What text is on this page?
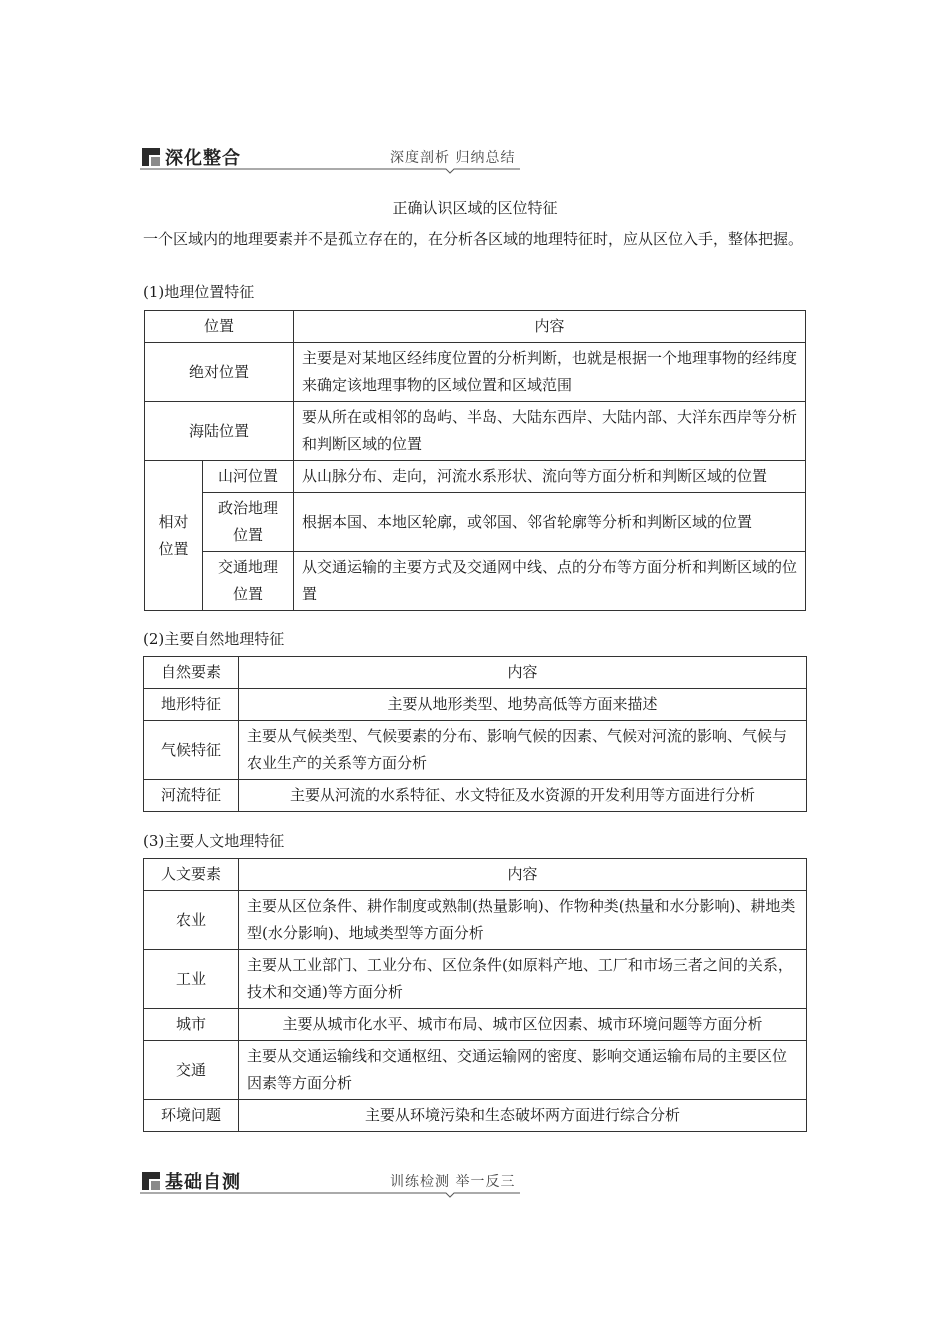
深化整合	深度剖析 归纳总结
正确认识区域的区位特征
一个区域内的地理要素并不是孤立存在的，在分析各区域的地理特征时，应从区位入手，整体把握。
(1)地理位置特征
位置		内容
绝对位置		主要是对某地区经纬度位置的分析判断，也就是根据一个地理事物的经纬度来确定该地理事物的区域位置和区域范围
海陆位置		要从所在或相邻的岛屿、半岛、大陆东西岸、大陆内部、大洋东西岸等分析和判断区域的位置
相对位置	山河位置	从山脉分布、走向，河流水系形状、流向等方面分析和判断区域的位置
	政治地理位置	根据本国、本地区轮廓，或邻国、邻省轮廓等分析和判断区域的位置
	交通地理位置	从交通运输的主要方式及交通网中线、点的分布等方面分析和判断区域的位置
(2)主要自然地理特征
自然要素	内容
地形特征	主要从地形类型、地势高低等方面来描述
气候特征	主要从气候类型、气候要素的分布、影响气候的因素、气候对河流的影响、气候与农业生产的关系等方面分析
河流特征	主要从河流的水系特征、水文特征及水资源的开发利用等方面进行分析
(3)主要人文地理特征
人文要素	内容
农业	主要从区位条件、耕作制度或熟制(热量影响)、作物种类(热量和水分影响)、耕地类型(水分影响)、地域类型等方面分析
工业	主要从工业部门、工业分布、区位条件(如原料产地、工厂和市场三者之间的关系，技术和交通)等方面分析
城市	主要从城市化水平、城市布局、城市区位因素、城市环境问题等方面分析
交通	主要从交通运输线和交通枢纽、交通运输网的密度、影响交通运输布局的主要区位因素等方面分析
环境问题	主要从环境污染和生态破坏两方面进行综合分析
基础自测	训练检测 举一反三
